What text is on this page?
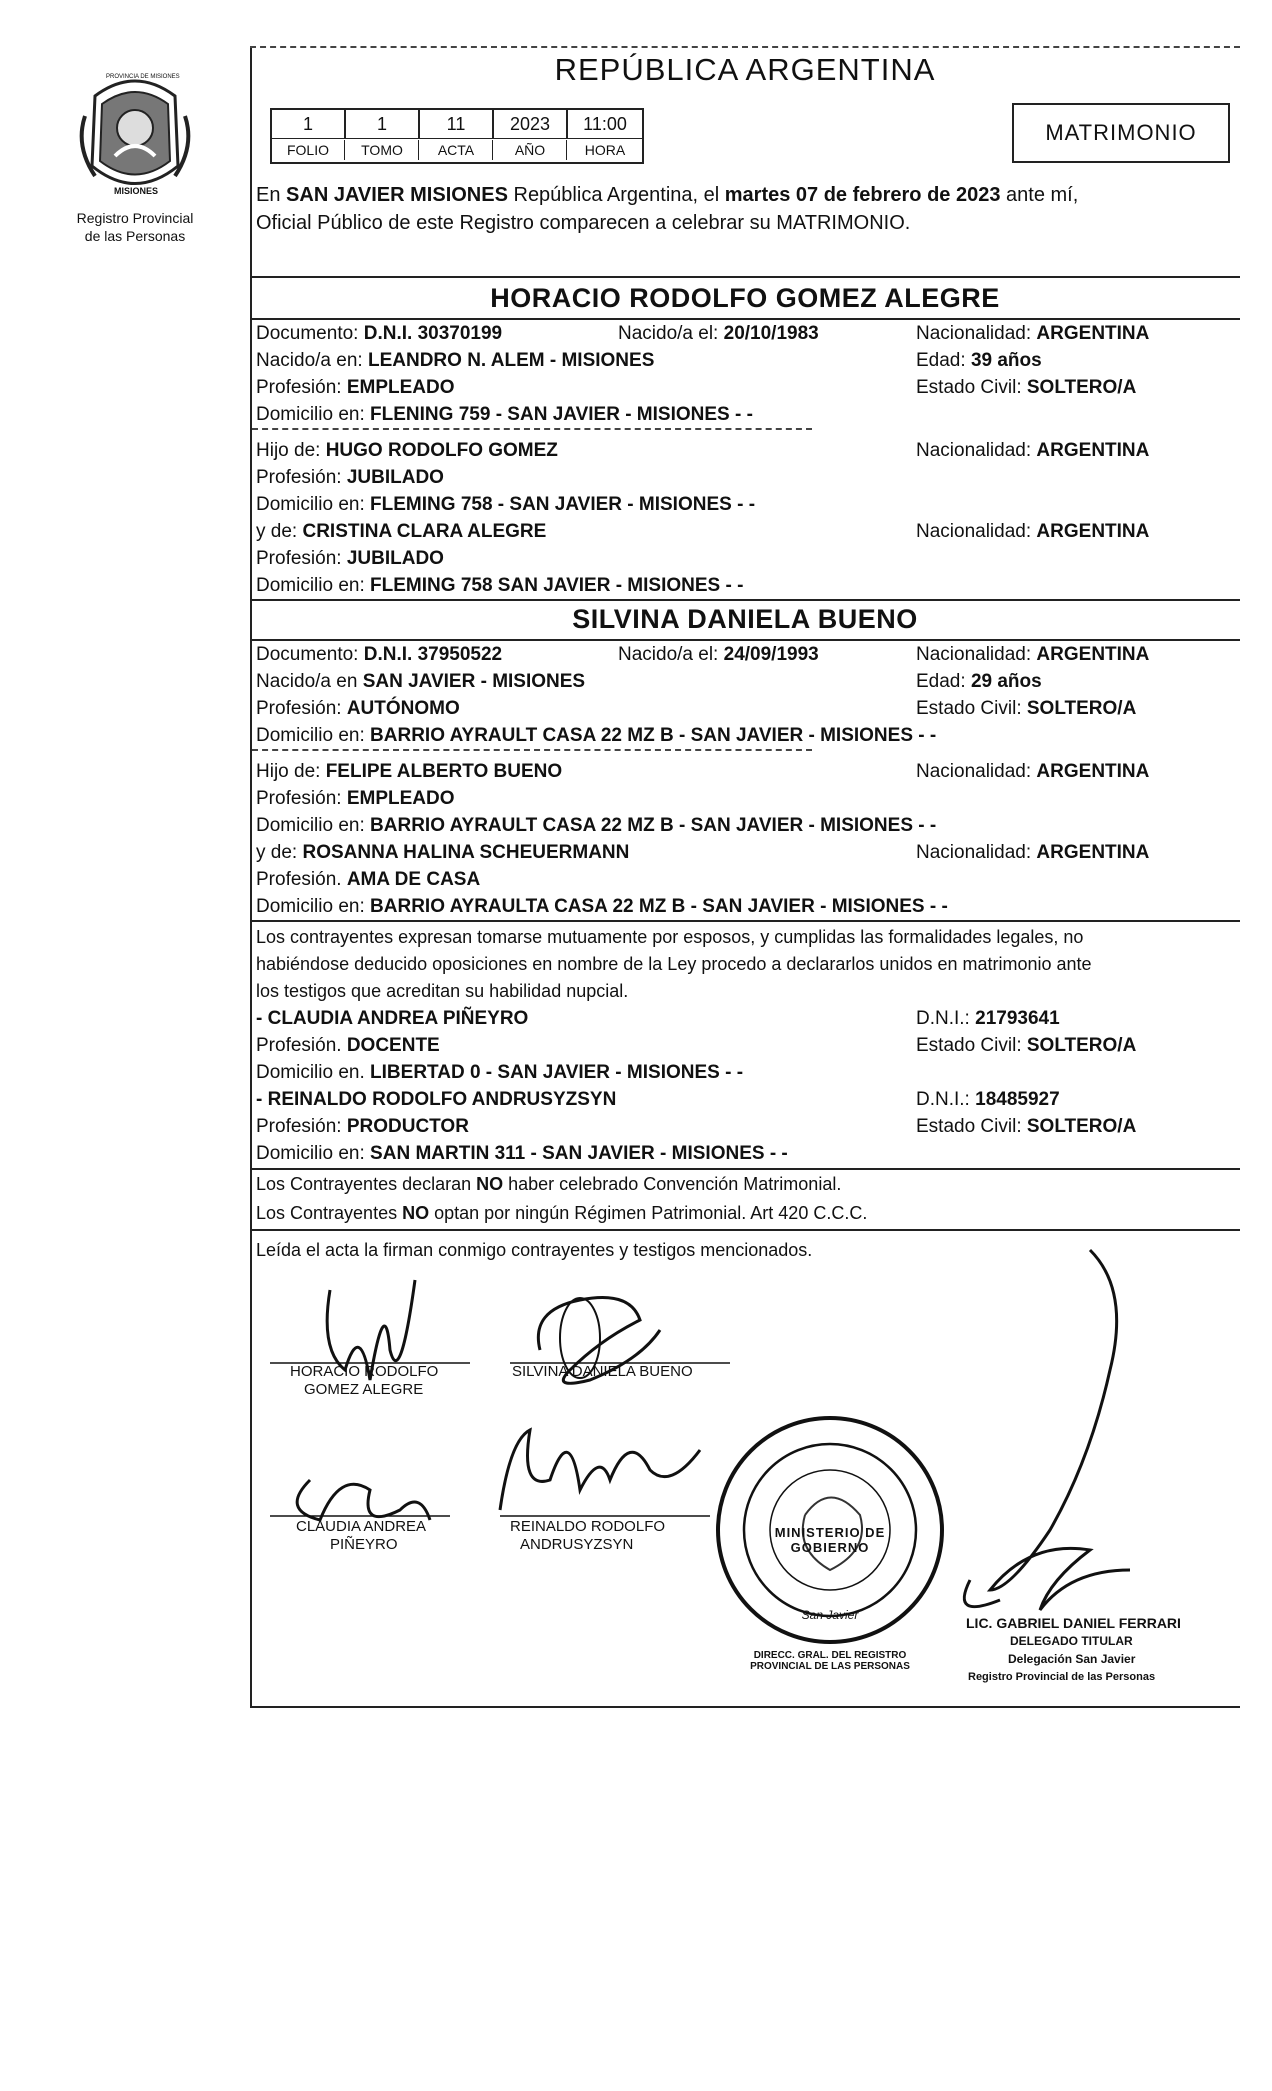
PROVINCIA DE MISIONES
MISIONES
Registro Provincial
de las Personas
REPÚBLICA ARGENTINA
1	1	11	2023	11:00
FOLIO	TOMO	ACTA	AÑO	HORA
MATRIMONIO
En SAN JAVIER MISIONES República Argentina, el martes 07 de febrero de 2023 ante mí,
Oficial Público de este Registro comparecen a celebrar su MATRIMONIO.
HORACIO RODOLFO GOMEZ ALEGRE
Documento: D.N.I. 30370199	Nacido/a el: 20/10/1983	Nacionalidad: ARGENTINA
Nacido/a en: LEANDRO N. ALEM - MISIONES	Edad: 39 años
Profesión: EMPLEADO	Estado Civil: SOLTERO/A
Domicilio en: FLENING 759 - SAN JAVIER - MISIONES - -
Hijo de: HUGO RODOLFO GOMEZ	Nacionalidad: ARGENTINA
Profesión: JUBILADO
Domicilio en: FLEMING 758 - SAN JAVIER - MISIONES - -
y de: CRISTINA CLARA ALEGRE	Nacionalidad: ARGENTINA
Profesión: JUBILADO
Domicilio en: FLEMING 758 SAN JAVIER - MISIONES - -
SILVINA DANIELA BUENO
Documento: D.N.I. 37950522	Nacido/a el: 24/09/1993	Nacionalidad: ARGENTINA
Nacido/a en SAN JAVIER - MISIONES	Edad: 29 años
Profesión: AUTÓNOMO	Estado Civil: SOLTERO/A
Domicilio en: BARRIO AYRAULT CASA 22 MZ B - SAN JAVIER - MISIONES - -
Hijo de: FELIPE ALBERTO BUENO	Nacionalidad: ARGENTINA
Profesión: EMPLEADO
Domicilio en: BARRIO AYRAULT CASA 22 MZ B - SAN JAVIER - MISIONES - -
y de: ROSANNA HALINA SCHEUERMANN	Nacionalidad: ARGENTINA
Profesión. AMA DE CASA
Domicilio en: BARRIO AYRAULTA CASA 22 MZ B - SAN JAVIER - MISIONES - -
Los contrayentes expresan tomarse mutuamente por esposos, y cumplidas las formalidades legales, no
habiéndose deducido oposiciones en nombre de la Ley procedo a declararlos unidos en matrimonio ante
los testigos que acreditan su habilidad nupcial.
- CLAUDIA ANDREA PIÑEYRO	D.N.I.: 21793641
Profesión. DOCENTE	Estado Civil: SOLTERO/A
Domicilio en. LIBERTAD 0 - SAN JAVIER - MISIONES - -
- REINALDO RODOLFO ANDRUSYZSYN	D.N.I.: 18485927
Profesión: PRODUCTOR	Estado Civil: SOLTERO/A
Domicilio en: SAN MARTIN 311 - SAN JAVIER - MISIONES - -
Los Contrayentes declaran NO haber celebrado Convención Matrimonial.
Los Contrayentes NO optan por ningún Régimen Patrimonial. Art 420 C.C.C.
Leída el acta la firman conmigo contrayentes y testigos mencionados.
HORACIO RODOLFO
GOMEZ ALEGRE
SILVINA DANIELA BUENO
CLAUDIA ANDREA
PIÑEYRO
REINALDO RODOLFO
ANDRUSYZSYN
MINISTERIO DE GOBIERNO
San Javier
DIRECC. GRAL. DEL REGISTRO PROVINCIAL DE LAS PERSONAS
LIC. GABRIEL DANIEL FERRARI
DELEGADO TITULAR
Delegación San Javier
Registro Provincial de las Personas
